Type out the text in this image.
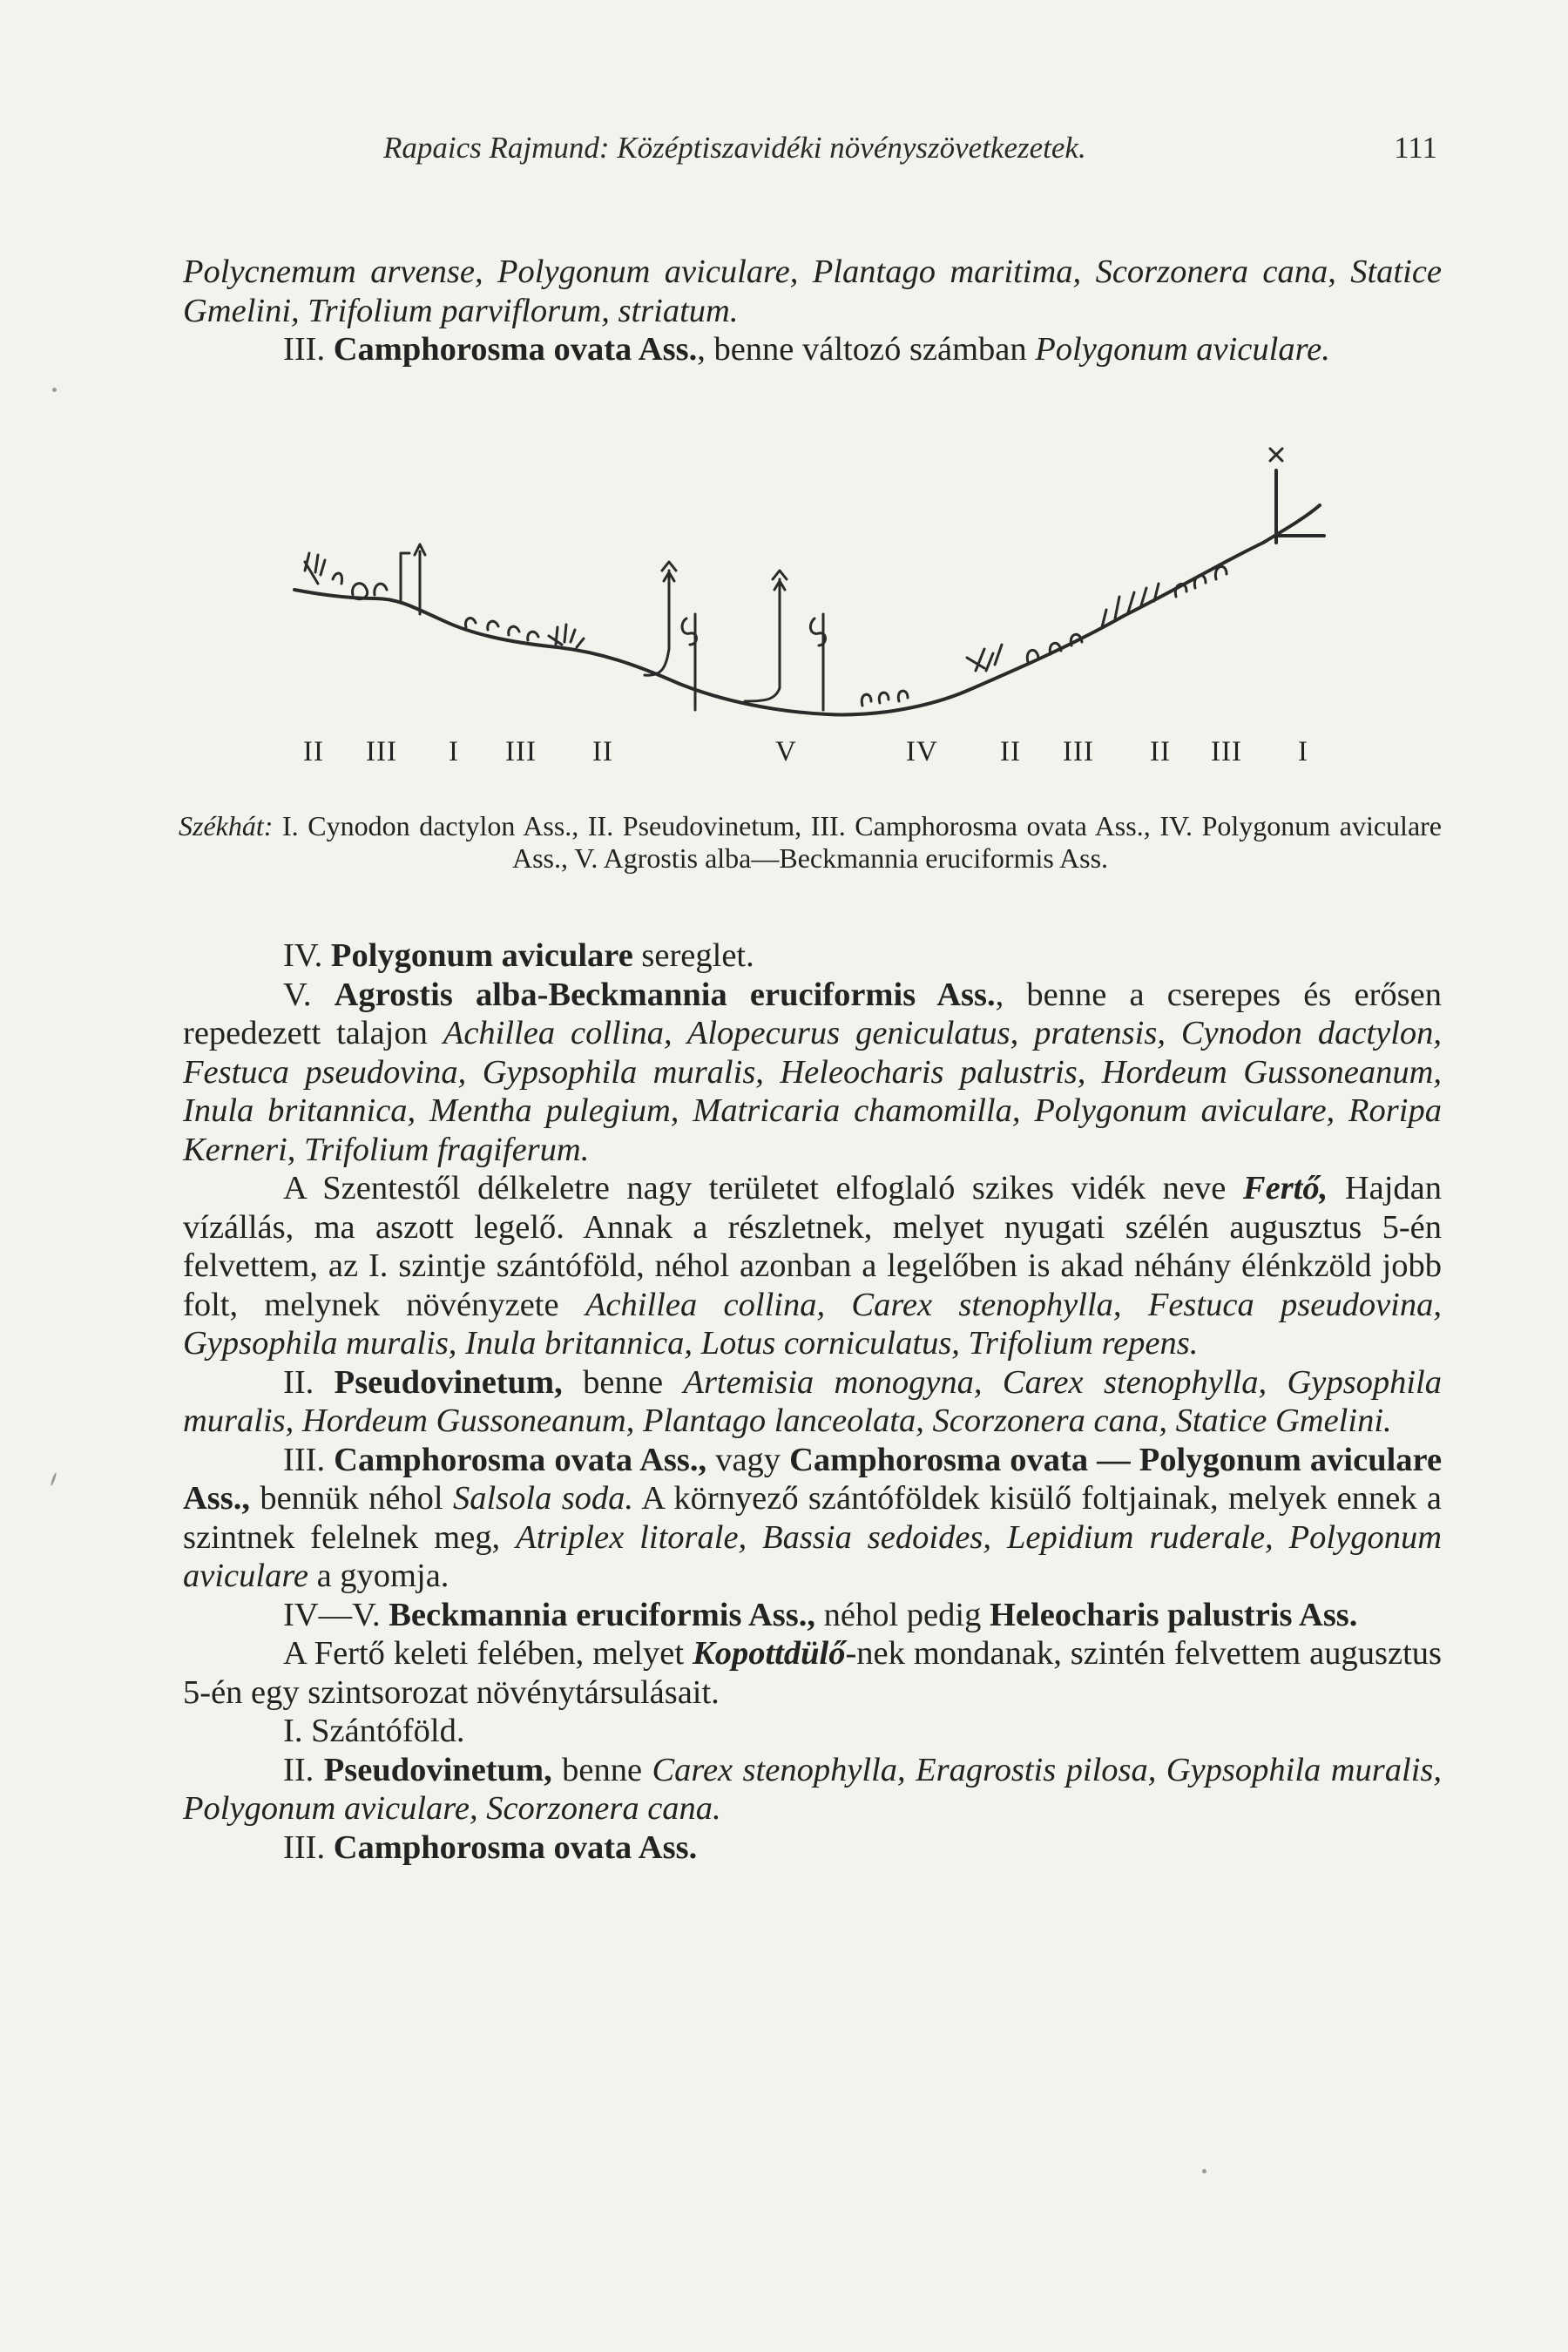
Rapaics Rajmund: Középtiszavidéki növényszövetkezetek.	111

Polycnemum arvense, Polygonum aviculare, Plantago maritima, Scorzonera cana, Statice Gmelini, Trifolium parviflorum, striatum.

III. Camphorosma ovata Ass., benne változó számban Polygonum aviculare.

II III I III II	V	IV II III II III I
Székhát: I. Cynodon dactylon Ass., II. Pseudovinetum, III. Camphorosma ovata Ass., IV. Polygonum aviculare Ass., V. Agrostis alba—Beckmannia eruciformis Ass.

IV. Polygonum aviculare sereglet.

V. Agrostis alba-Beckmannia eruciformis Ass., benne a cserepes és erősen repedezett talajon Achillea collina, Alopecurus geniculatus, pratensis, Cynodon dactylon, Festuca pseudovina, Gypsophila muralis, Heleocharis palustris, Hordeum Gussoneanum, Inula britannica, Mentha pulegium, Matricaria chamomilla, Polygonum aviculare, Roripa Kerneri, Trifolium fragiferum.

A Szentestől délkeletre nagy területet elfoglaló szikes vidék neve Fertő, Hajdan vízállás, ma aszott legelő. Annak a részletnek, melyet nyugati szélén augusztus 5-én felvettem, az I. szintje szántóföld, néhol azonban a legelőben is akad néhány élénkzöld jobb folt, melynek növényzete Achillea collina, Carex stenophylla, Festuca pseudovina, Gypsophila muralis, Inula britannica, Lotus corniculatus, Trifolium repens.

II. Pseudovinetum, benne Artemisia monogyna, Carex stenophylla, Gypsophila muralis, Hordeum Gussoneanum, Plantago lanceolata, Scorzonera cana, Statice Gmelini.

III. Camphorosma ovata Ass., vagy Camphorosma ovata — Polygonum aviculare Ass., bennük néhol Salsola soda. A környező szántóföldek kisülő foltjainak, melyek ennek a szintnek felelnek meg, Atriplex litorale, Bassia sedoides, Lepidium ruderale, Polygonum aviculare a gyomja.

IV—V. Beckmannia eruciformis Ass., néhol pedig Heleocharis palustris Ass.

A Fertő keleti felében, melyet Kopottdülő-nek mondanak, szintén felvettem augusztus 5-én egy szintsorozat növénytársulásait.

I. Szántóföld.

II. Pseudovinetum, benne Carex stenophylla, Eragrostis pilosa, Gypsophila muralis, Polygonum aviculare, Scorzonera cana.

III. Camphorosma ovata Ass.
